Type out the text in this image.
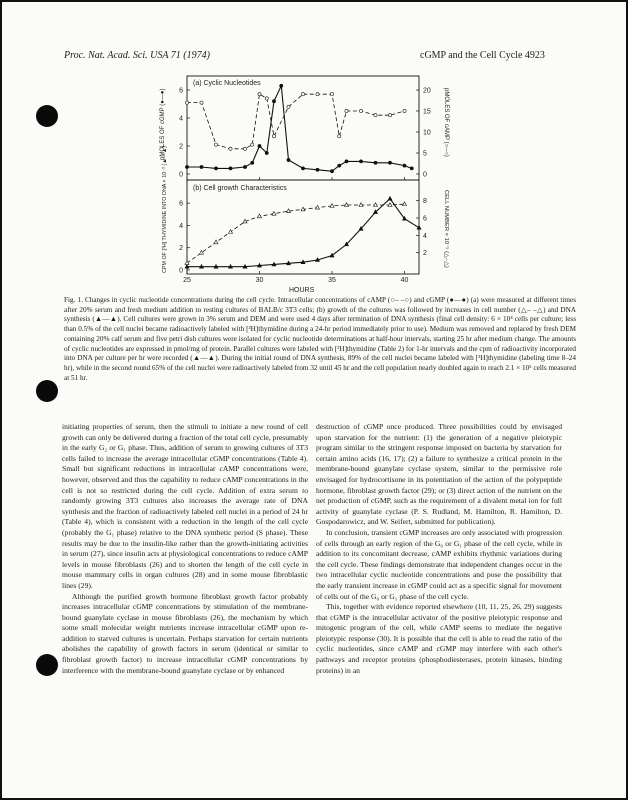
Proc. Nat. Acad. Sci. USA 71 (1974)	cGMP and the Cell Cycle 4923
(a) Cyclic Nucleotides
(b) Cell growth Characteristics
HOURS
pMOLES OF cGMP (●—●)	pMOLES OF cAMP (○--○)
CPM OF [³H] THYMIDINE INTO DNA × 10⁻³ (▲—▲)	CELL NUMBER × 10⁻⁵ (△--△)
0
2
4
6
0
5
10
15
20
0
2
4
6
2
4
6
8
25	30	35	40
Fig. 1. Changes in cyclic nucleotide concentrations during the cell cycle. Intracellular concentrations of cAMP (○– –○) and cGMP (●—●) (a) were measured at different times after 20% serum and fresh medium addition to resting cultures of BALB/c 3T3 cells; (b) growth of the cultures was followed by increases in cell number (△– –△) and DNA synthesis (▲—▲). Cell cultures were grown in 3% serum and DEM and were used 4 days after termination of DNA synthesis (final cell density: 6 × 10⁴ cells per culture; less than 0.5% of the cell nuclei became radioactively labeled with [³H]thymidine during a 24-hr period immediately prior to use). Medium was removed and replaced by fresh DEM containing 20% calf serum and five petri dish cultures were isolated for cyclic nucleotide determinations at half-hour intervals, starting 25 hr after medium change. The amounts of cyclic nucleotides are expressed in pmol/mg of protein. Parallel cultures were labeled with [³H]thymidine (Table 2) for 1-hr intervals and the cpm of radioactivity incorporated into DNA per culture per hr were recorded (▲—▲). During the initial round of DNA synthesis, 89% of the cell nuclei became labeled with [³H]thymidine (labeling time 8–24 hr), while in the second round 65% of the cell nuclei were radioactively labeled from 32 until 45 hr and the cell population nearly doubled again to reach 2.1 × 10⁵ cells measured at 51 hr.

initiating properties of serum, then the stimuli to initiate a new round of cell growth can only be delivered during a fraction of the total cell cycle, presumably in the early G₂ or G₁ phase. Thus, addition of serum to growing cultures of 3T3 cells failed to increase the average intracellular cGMP concentrations (Table 4). Small but significant reductions in intracellular cAMP concentrations were, however, observed and thus the capability to reduce cAMP concentrations in the cell is not so restricted during the cell cycle. Addition of extra serum to randomly growing 3T3 cultures also increases the average rate of DNA synthesis and the fraction of radioactively labeled cell nuclei in a period of 24 hr (Table 4), which is consistent with a reduction in the length of the cell cycle (probably the G₁ phase) relative to the DNA synthetic period (S phase). These results may be due to the insulin-like rather than the growth-initiating activities in serum (27), since insulin acts at physiological concentrations to reduce cAMP levels in mouse fibroblasts (26) and to shorten the length of the cell cycle in mouse mammary cells in organ cultures (28) and in some mouse fibroblastic lines (29).

Although the purified growth hormone fibroblast growth factor probably increases intracellular cGMP concentrations by stimulation of the membrane-bound guanylate cyclase in mouse fibroblasts (26), the mechanism by which some small molecular weight nutrients increase intracellular cGMP upon re-addition to starved cultures is uncertain. Perhaps starvation for certain nutrients abolishes the capability of growth factors in serum (identical or similar to fibroblast growth factor) to increase intracellular cGMP concentrations by interference with the membrane-bound guanylate cyclase or by enhanced

destruction of cGMP once produced. Three possibilities could by envisaged upon starvation for the nutrient: (1) the generation of a negative pleiotypic program similar to the stringent response imposed on bacteria by starvation for certain amino acids (16, 17); (2) a failure to synthesize a critical protein in the membrane-bound guanylate cyclase system, similar to the permissive role envisaged for hydrocortisone in its potentiation of the action of the polypeptide hormone, fibroblast growth factor (29); or (3) direct action of the nutrient on the net production of cGMP, such as the requirement of a divalent metal ion for full activity of guanylate cyclase (P. S. Rudland, M. Hamilton, R. Hamilton, D. Gospodarowicz, and W. Seifert, submitted for publication).

In conclusion, transient cGMP increases are only associated with progression of cells through an early region of the G₀ or G₁ phase of the cell cycle, while in addition to its concomitant decrease, cAMP exhibits rhythmic variations during the cell cycle. These findings demonstrate that independent changes occur in the two intracellular cyclic nucleotide concentrations and pose the possibility that the early transient increase in cGMP could act as a specific signal for movement of cells out of the G₀ or G₁ phase of the cell cycle.

This, together with evidence reported elsewhere (10, 11, 25, 26, 29) suggests that cGMP is the intracellular activator of the positive pleiotypic response and mitogenic program of the cell, while cAMP seems to mediate the negative pleiotypic response (30). It is possible that the cell is able to read the ratio of the cyclic nucleotides, since cAMP and cGMP may interfere with each other's pathways and receptor proteins (phosphodiesterases, protein kinases, binding proteins) in an
